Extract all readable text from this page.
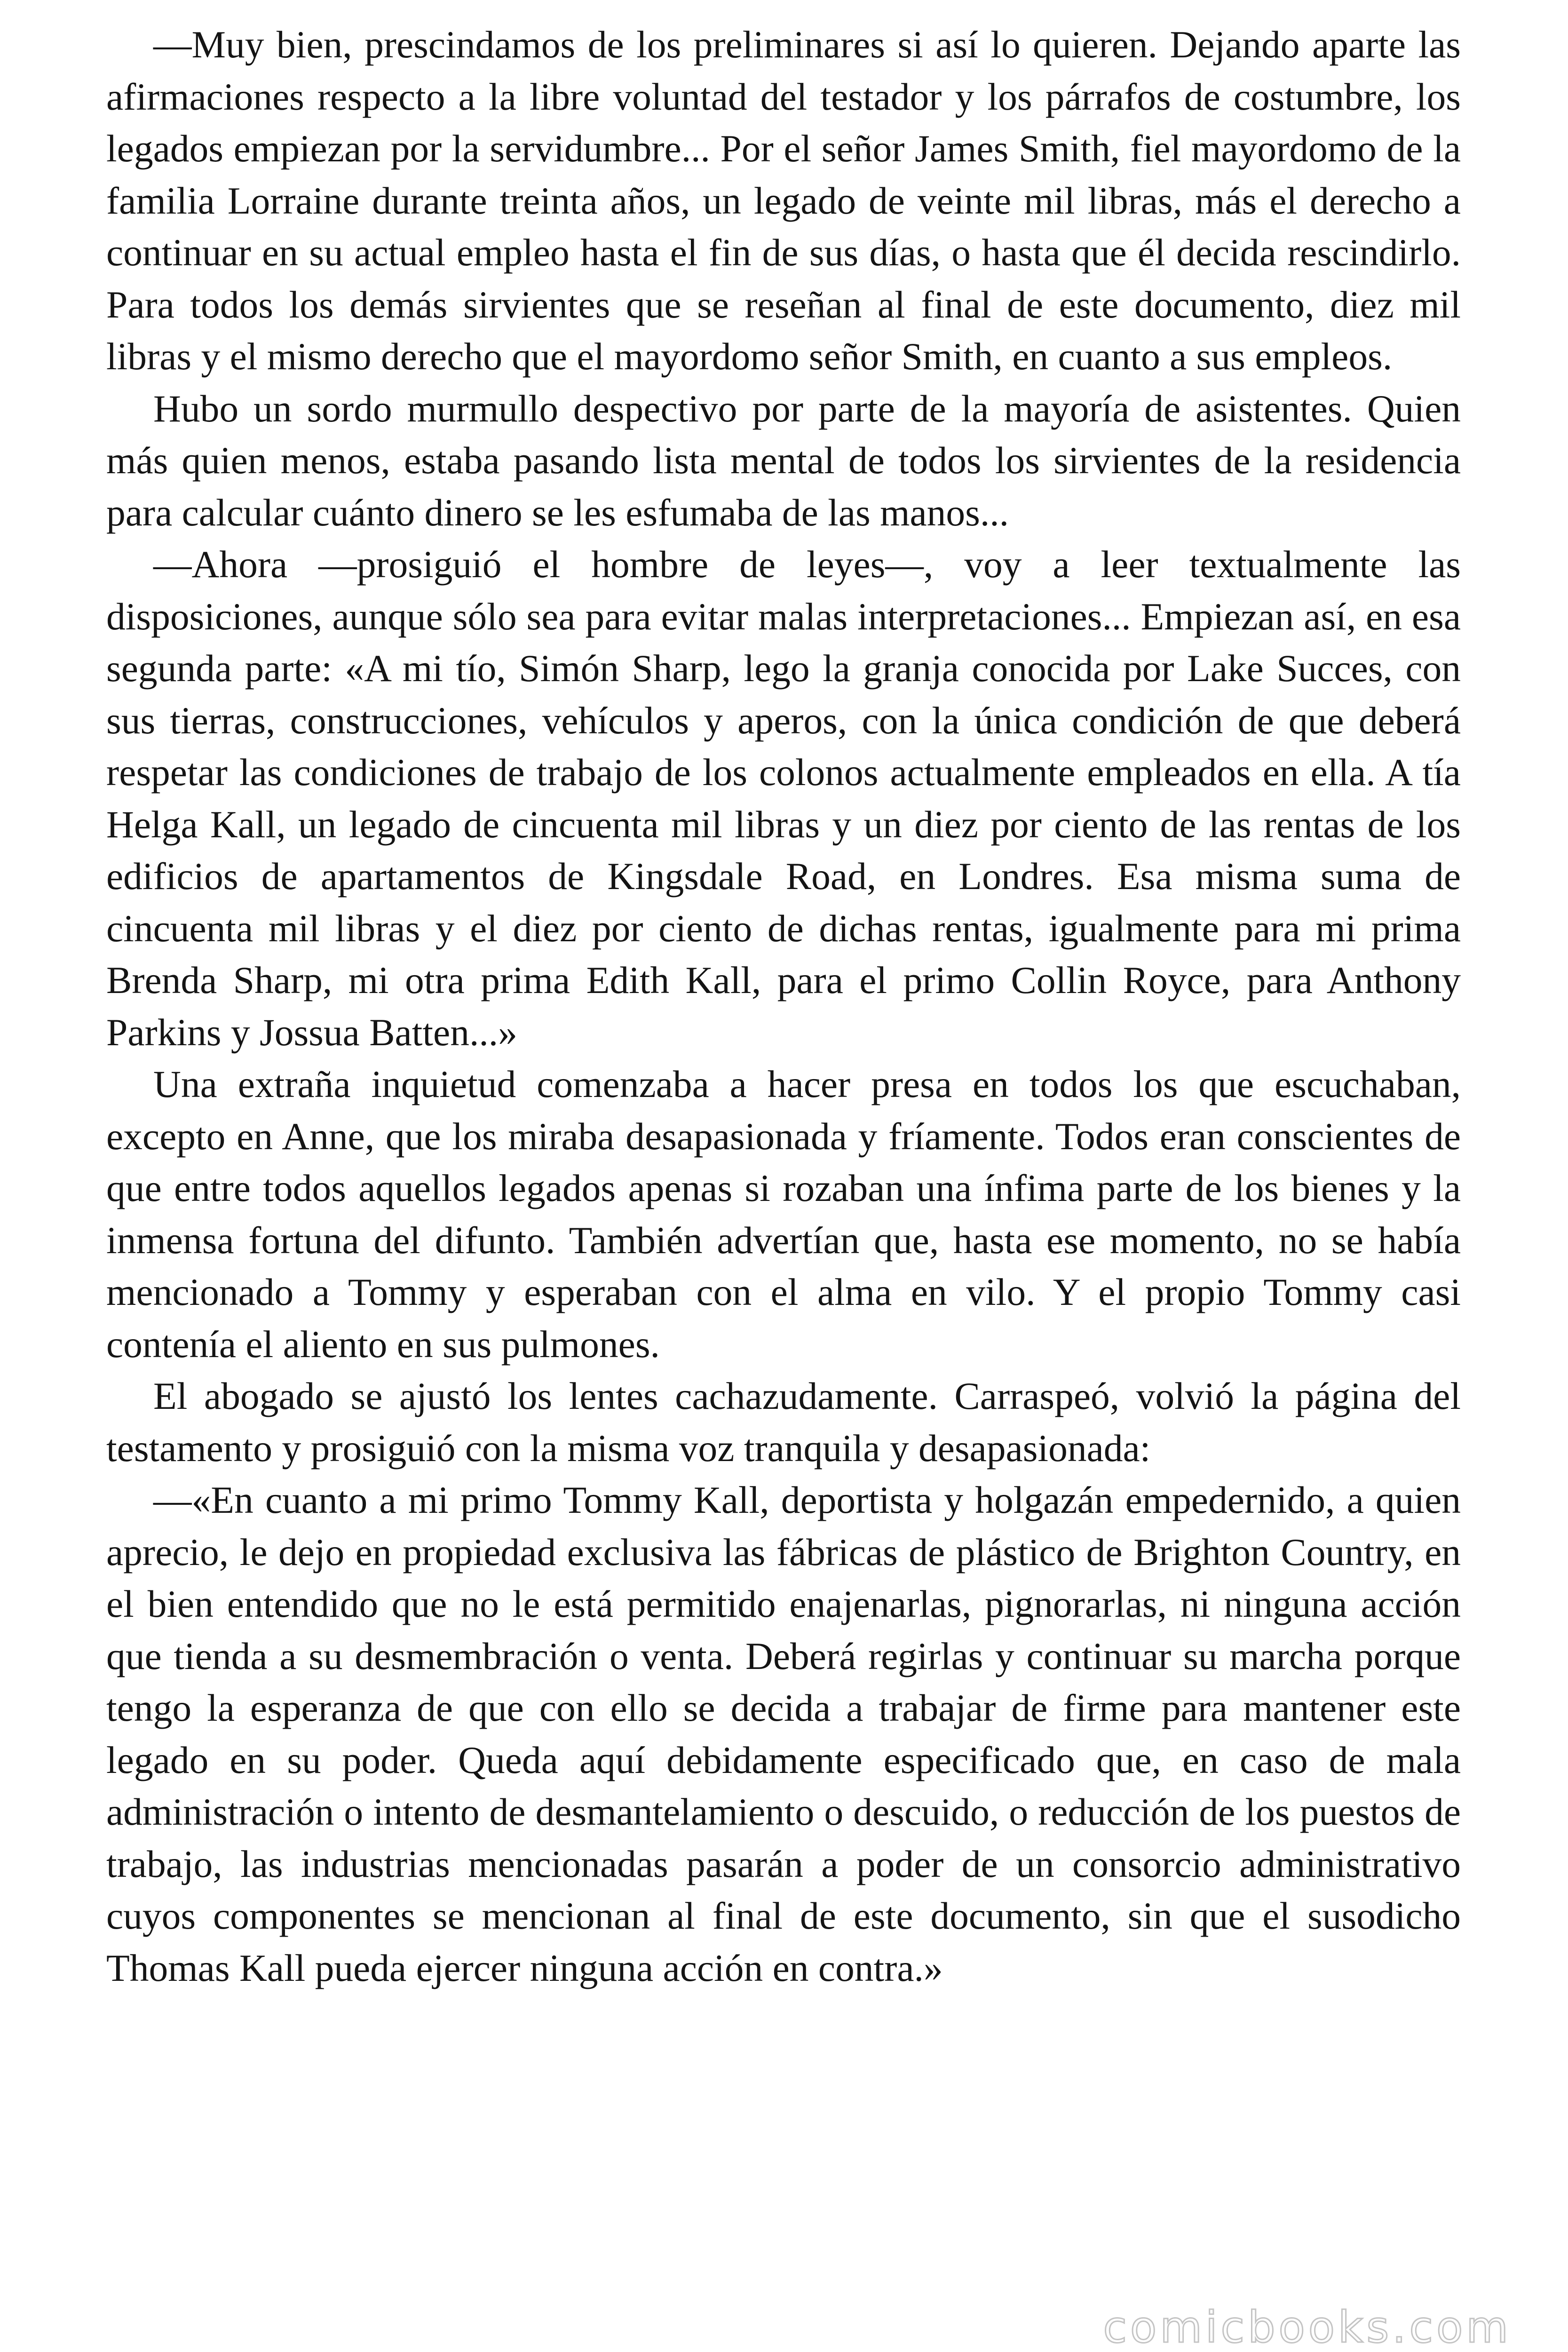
—Muy bien, prescindamos de los preliminares si así lo quieren. Dejando aparte las afirmaciones respecto a la libre voluntad del testador y los párrafos de costumbre, los legados empiezan por la servidumbre... Por el señor James Smith, fiel mayordomo de la familia Lorraine durante treinta años, un legado de veinte mil libras, más el derecho a continuar en su actual empleo hasta el fin de sus días, o hasta que él decida rescindirlo. Para todos los demás sirvientes que se reseñan al final de este documento, diez mil libras y el mismo derecho que el mayordomo señor Smith, en cuanto a sus empleos.

Hubo un sordo murmullo despectivo por parte de la mayoría de asistentes. Quien más quien menos, estaba pasando lista mental de todos los sirvientes de la residencia para calcular cuánto dinero se les esfumaba de las manos...

—Ahora —prosiguió el hombre de leyes—, voy a leer textualmente las disposiciones, aunque sólo sea para evitar malas interpretaciones... Empiezan así, en esa segunda parte: «A mi tío, Simón Sharp, lego la granja conocida por Lake Succes, con sus tierras, construcciones, vehículos y aperos, con la única condición de que deberá respetar las condiciones de trabajo de los colonos actualmente empleados en ella. A tía Helga Kall, un legado de cincuenta mil libras y un diez por ciento de las rentas de los edificios de apartamentos de Kingsdale Road, en Londres. Esa misma suma de cincuenta mil libras y el diez por ciento de dichas rentas, igualmente para mi prima Brenda Sharp, mi otra prima Edith Kall, para el primo Collin Royce, para Anthony Parkins y Jossua Batten...»

Una extraña inquietud comenzaba a hacer presa en todos los que escuchaban, excepto en Anne, que los miraba desapasionada y fríamente. Todos eran conscientes de que entre todos aquellos legados apenas si rozaban una ínfima parte de los bienes y la inmensa fortuna del difunto. También advertían que, hasta ese momento, no se había mencionado a Tommy y esperaban con el alma en vilo. Y el propio Tommy casi contenía el aliento en sus pulmones.

El abogado se ajustó los lentes cachazudamente. Carraspeó, volvió la página del testamento y prosiguió con la misma voz tranquila y desapasionada:

—«En cuanto a mi primo Tommy Kall, deportista y holgazán empedernido, a quien aprecio, le dejo en propiedad exclusiva las fábricas de plástico de Brighton Country, en el bien entendido que no le está permitido enajenarlas, pignorarlas, ni ninguna acción que tienda a su desmembración o venta. Deberá regirlas y continuar su marcha porque tengo la esperanza de que con ello se decida a trabajar de firme para mantener este legado en su poder. Queda aquí debidamente especificado que, en caso de mala administración o intento de desmantelamiento o descuido, o reducción de los puestos de trabajo, las industrias mencionadas pasarán a poder de un consorcio administrativo cuyos componentes se mencionan al final de este documento, sin que el susodicho Thomas Kall pueda ejercer ninguna acción en contra.»

comicbooks.com
